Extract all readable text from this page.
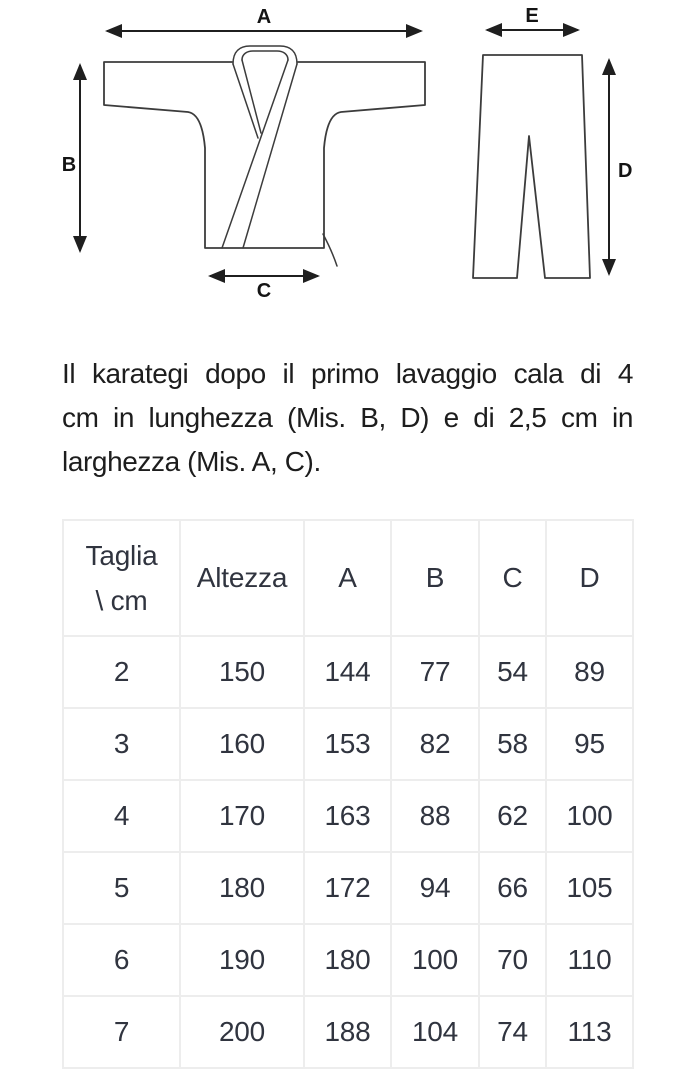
A
B
C
D
E
Il karategi dopo il primo lavaggio cala di 4
cm in lunghezza (Mis. B, D) e di 2,5 cm in
larghezza (Mis. A, C).
Taglia
\ cm	Altezza	A	B	C	D
2	150	144	77	54	89
3	160	153	82	58	95
4	170	163	88	62	100
5	180	172	94	66	105
6	190	180	100	70	110
7	200	188	104	74	113
